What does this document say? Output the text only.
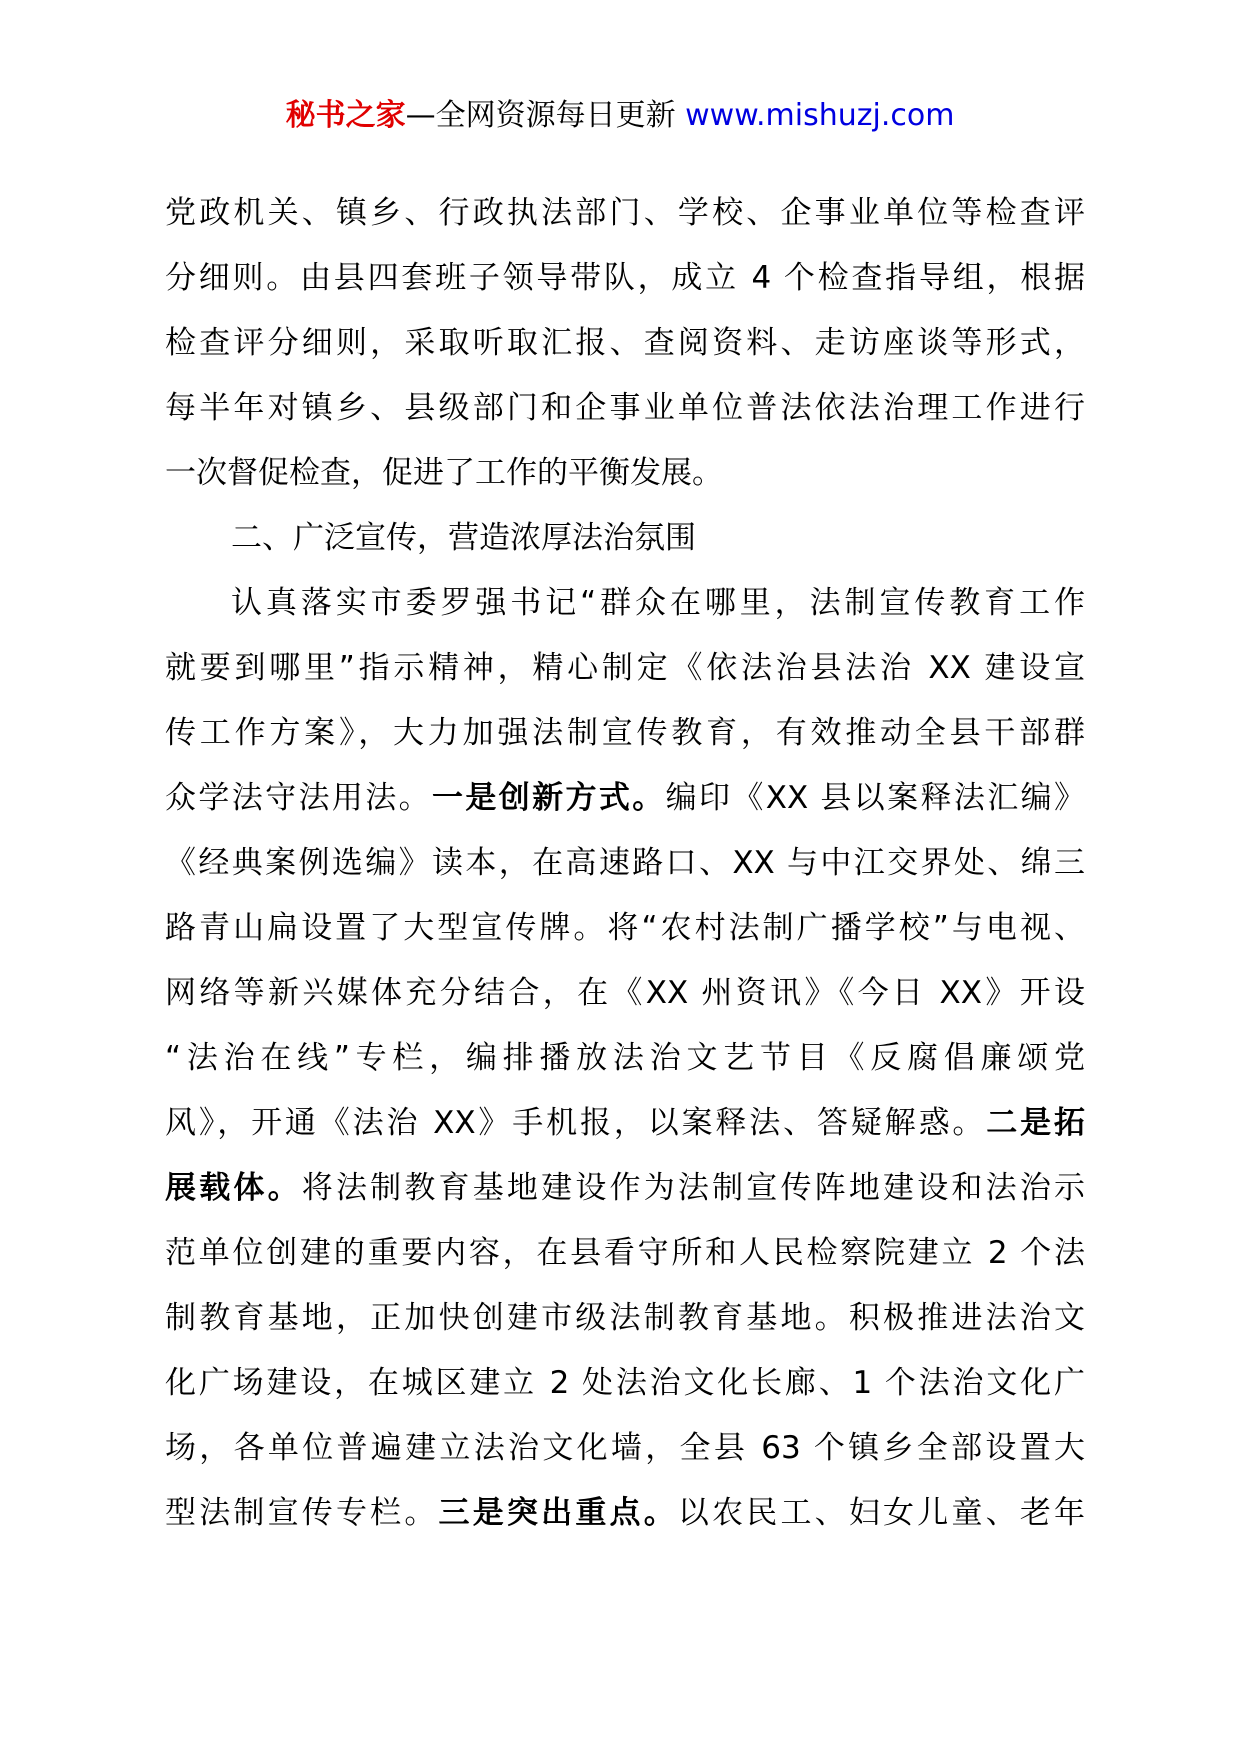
秘书之家—全网资源每日更新 www.mishuzj.com
党政机关、镇乡、行政执法部门、学校、企事业单位等检查评
分细则。由县四套班子领导带队，成立 4 个检查指导组，根据
检查评分细则，采取听取汇报、查阅资料、走访座谈等形式，
每半年对镇乡、县级部门和企事业单位普法依法治理工作进行
一次督促检查，促进了工作的平衡发展。
二、广泛宣传，营造浓厚法治氛围
认真落实市委罗强书记“群众在哪里，法制宣传教育工作
就要到哪里”指示精神，精心制定《依法治县法治 XX 建设宣
传工作方案》，大力加强法制宣传教育，有效推动全县干部群
众学法守法用法。一是创新方式。编印《XX 县以案释法汇编》
《经典案例选编》读本，在高速路口、XX 与中江交界处、绵三
路青山扁设置了大型宣传牌。将“农村法制广播学校”与电视、
网络等新兴媒体充分结合，在《XX 州资讯》《今日 XX》开设
“法治在线”专栏，编排播放法治文艺节目《反腐倡廉颂党
风》，开通《法治 XX》手机报，以案释法、答疑解惑。二是拓
展载体。将法制教育基地建设作为法制宣传阵地建设和法治示
范单位创建的重要内容，在县看守所和人民检察院建立 2 个法
制教育基地，正加快创建市级法制教育基地。积极推进法治文
化广场建设，在城区建立 2 处法治文化长廊、1 个法治文化广
场，各单位普遍建立法治文化墙，全县 63 个镇乡全部设置大
型法制宣传专栏。三是突出重点。以农民工、妇女儿童、老年
